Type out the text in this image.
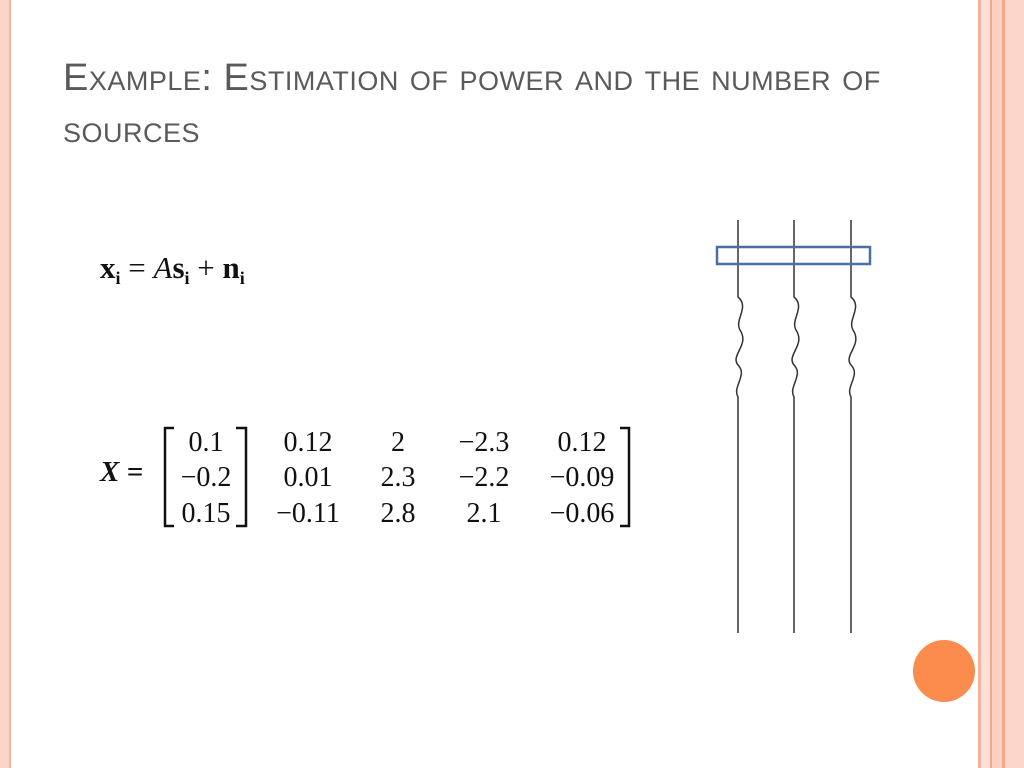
Example: Estimation of power and the number of sources
$x_i = As_i + n_i$
X =
0.1 0.12 2 −2.3 0.12
−0.2 0.01 2.3 −2.2 −0.09
0.15 −0.11 2.8 2.1 −0.06
